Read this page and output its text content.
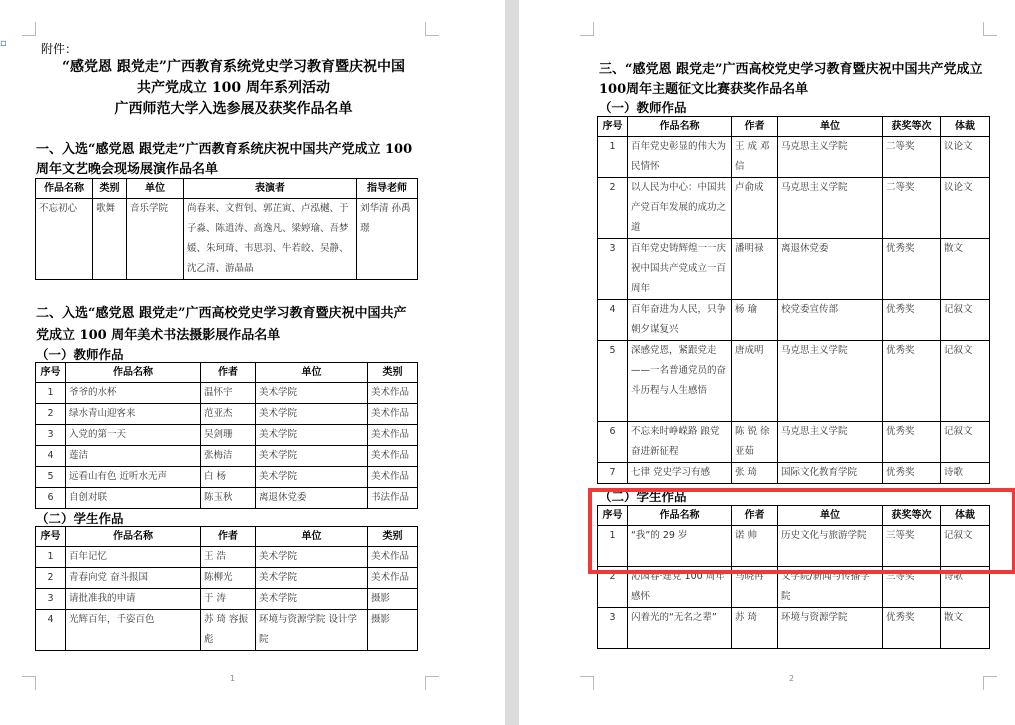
▫	附件：
“感党恩 跟党走”广西教育系统党史学习教育暨庆祝中国
共产党成立 100 周年系列活动
广西师范大学入选参展及获奖作品名单
一、入选“感党恩 跟党走”广西教育系统庆祝中国共产党成立 100
周年文艺晚会现场展演作品名单
作品名称	类别	单位	表演者	指导老师
不忘初心	歌舞	音乐学院	尚春来、文哲钊、郭芷寅、卢泓樾、于子淼、陈逍涛、高逸凡、梁婷瑜、吾梦媛、朱珂琦、韦思羽、牛若皎、吴静、沈乙清、游晶晶	刘华清 孙禹璟
二、入选“感党恩 跟党走”广西高校党史学习教育暨庆祝中国共产
党成立 100 周年美术书法摄影展作品名单
（一）教师作品
序号	作品名称	作者	单位	类别
1	爷爷的水杯	温怀宇	美术学院	美术作品
2	绿水青山迎客来	范亚杰	美术学院	美术作品
3	入党的第一天	吴剑珊	美术学院	美术作品
4	莲洁	张梅洁	美术学院	美术作品
5	远看山有色 近听水无声	白 杨	美术学院	美术作品
6	自创对联	陈玉秋	离退休党委	书法作品
（二）学生作品
序号	作品名称	作者	单位	类别
1	百年记忆	王 浩	美术学院	美术作品
2	青春向党 奋斗报国	陈柳光	美术学院	美术作品
3	请批准我的申请	于 涛	美术学院	摄影
4	光辉百年，千姿百色	苏 琦 容振彪	环境与资源学院 设计学院	摄影
1
三、“感党恩 跟党走”广西高校党史学习教育暨庆祝中国共产党成立
100周年主题征文比赛获奖作品名单
（一）教师作品
序号	作品名称	作者	单位	获奖等次	体裁
1	百年党史彰显的伟大为民情怀	王 成 邓 信	马克思主义学院	二等奖	议论文
2	以人民为中心：中国共产党百年发展的成功之道	卢俞成	马克思主义学院	二等奖	议论文
3	百年党史铸辉煌一一庆祝中国共产党成立一百周年	潘明禄	离退休党委	优秀奖	散文
4	百年奋进为人民，只争朝夕谋复兴	杨 瑜	校党委宣传部	优秀奖	记叙文
5	深感党恩，紧跟党走——一名普通党员的奋斗历程与人生感悟	唐成明	马克思主义学院	优秀奖	记叙文
6	不忘来时峥嵘路 踉党奋进新征程	陈 锐 徐亚茹	马克思主义学院	优秀奖	记叙文
7	七律 党史学习有感	张 琦	国际文化教育学院	优秀奖	诗歌
（二）学生作品
序号	作品名称	作者	单位	获奖等次	体裁
1	“我”的 29 岁	诺 帅	历史文化与旅游学院	三等奖	记叙文
2	沁园春·建党 100 周年感怀	马晓冉	文学院/新闻与传播学院	三等奖	诗歌
3	闪着光的“无名之辈”	苏 琦	环境与资源学院	优秀奖	散文
2
